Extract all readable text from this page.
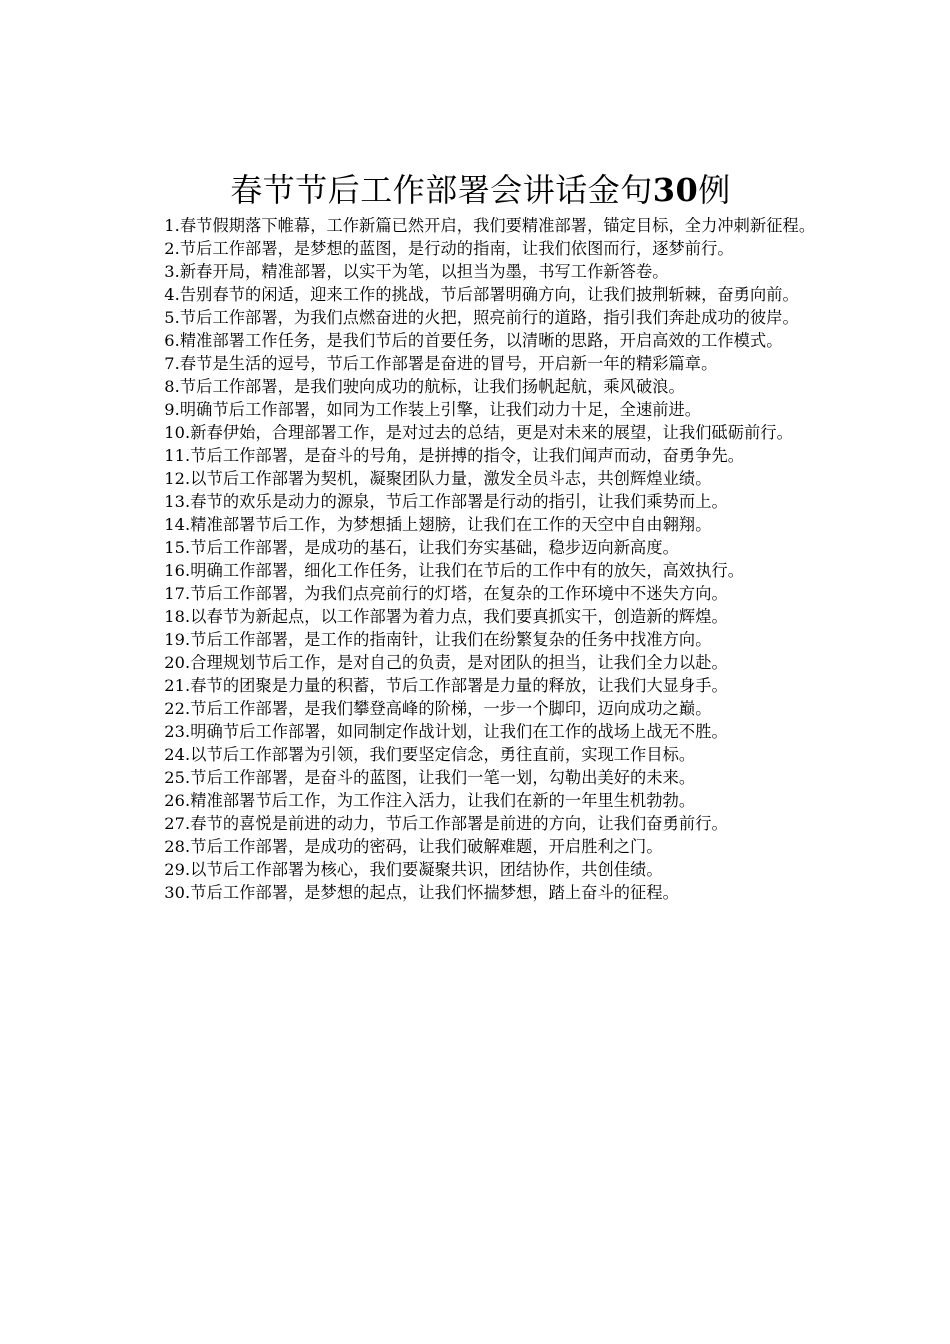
春节节后工作部署会讲话金句30例

1.春节假期落下帷幕，工作新篇已然开启，我们要精准部署，锚定目标，全力冲刺新征程。

2.节后工作部署，是梦想的蓝图，是行动的指南，让我们依图而行，逐梦前行。

3.新春开局，精准部署，以实干为笔，以担当为墨，书写工作新答卷。

4.告别春节的闲适，迎来工作的挑战，节后部署明确方向，让我们披荆斩棘，奋勇向前。

5.节后工作部署，为我们点燃奋进的火把，照亮前行的道路，指引我们奔赴成功的彼岸。

6.精准部署工作任务，是我们节后的首要任务，以清晰的思路，开启高效的工作模式。

7.春节是生活的逗号，节后工作部署是奋进的冒号，开启新一年的精彩篇章。

8.节后工作部署，是我们驶向成功的航标，让我们扬帆起航，乘风破浪。

9.明确节后工作部署，如同为工作装上引擎，让我们动力十足，全速前进。

10.新春伊始，合理部署工作，是对过去的总结，更是对未来的展望，让我们砥砺前行。

11.节后工作部署，是奋斗的号角，是拼搏的指令，让我们闻声而动，奋勇争先。

12.以节后工作部署为契机，凝聚团队力量，激发全员斗志，共创辉煌业绩。

13.春节的欢乐是动力的源泉，节后工作部署是行动的指引，让我们乘势而上。

14.精准部署节后工作，为梦想插上翅膀，让我们在工作的天空中自由翱翔。

15.节后工作部署，是成功的基石，让我们夯实基础，稳步迈向新高度。

16.明确工作部署，细化工作任务，让我们在节后的工作中有的放矢，高效执行。

17.节后工作部署，为我们点亮前行的灯塔，在复杂的工作环境中不迷失方向。

18.以春节为新起点，以工作部署为着力点，我们要真抓实干，创造新的辉煌。

19.节后工作部署，是工作的指南针，让我们在纷繁复杂的任务中找准方向。

20.合理规划节后工作，是对自己的负责，是对团队的担当，让我们全力以赴。

21.春节的团聚是力量的积蓄，节后工作部署是力量的释放，让我们大显身手。

22.节后工作部署，是我们攀登高峰的阶梯，一步一个脚印，迈向成功之巅。

23.明确节后工作部署，如同制定作战计划，让我们在工作的战场上战无不胜。

24.以节后工作部署为引领，我们要坚定信念，勇往直前，实现工作目标。

25.节后工作部署，是奋斗的蓝图，让我们一笔一划，勾勒出美好的未来。

26.精准部署节后工作，为工作注入活力，让我们在新的一年里生机勃勃。

27.春节的喜悦是前进的动力，节后工作部署是前进的方向，让我们奋勇前行。

28.节后工作部署，是成功的密码，让我们破解难题，开启胜利之门。

29.以节后工作部署为核心，我们要凝聚共识，团结协作，共创佳绩。

30.节后工作部署，是梦想的起点，让我们怀揣梦想，踏上奋斗的征程。
